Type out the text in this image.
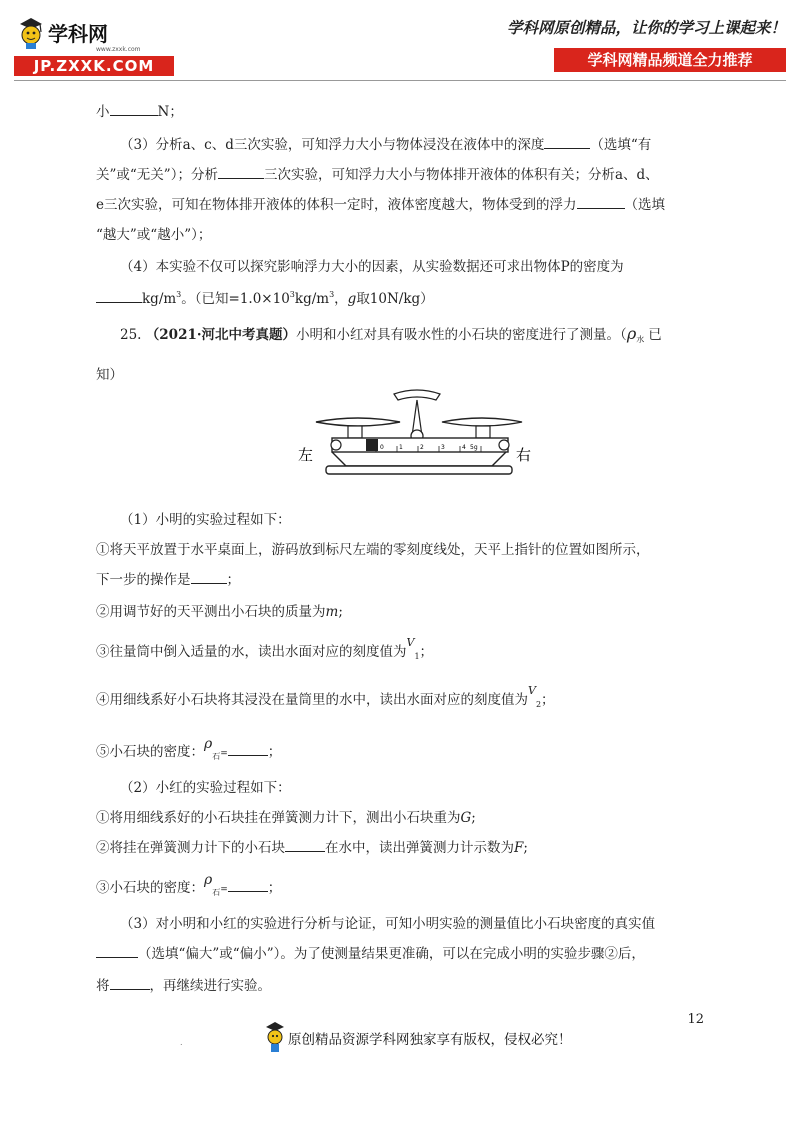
学科网
www.zxxk.com
JP.ZXXK.COM
学科网原创精品，让你的学习上课起来！
学科网精品频道全力推荐
小	N；
（3）分析a、c、d三次实验，可知浮力大小与物体浸没在液体中的深度	（选填“有
关”或“无关”）；分析	三次实验，可知浮力大小与物体排开液体的体积有关；分析a、d、
e三次实验，可知在物体排开液体的体积一定时，液体密度越大，物体受到的浮力	（选填
“越大”或“越小”）；
（4）本实验不仅可以探究影响浮力大小的因素，从实验数据还可求出物体P的密度为
$kg/m^3$。（已知$=1.0\times 10^3kg/m^3$，g取10N/kg）
25. （2021·河北中考真题）小明和小红对具有吸水性的小石块的密度进行了测量。（$\rho_水$ 已
知）
0	1	2	3	4 5g
左	右
（1）小明的实验过程如下：
①将天平放置于水平桌面上，游码放到标尺左端的零刻度线处，天平上指针的位置如图所示，
下一步的操作是	；
②用调节好的天平测出小石块的质量为m;
③往量筒中倒入适量的水，读出水面对应的刻度值为$^V_1$；
④用细线系好小石块将其浸没在量筒里的水中，读出水面对应的刻度值为$^V_2$；
⑤小石块的密度：$\rho_石=$	；
（2）小红的实验过程如下：
①将用细线系好的小石块挂在弹簧测力计下，测出小石块重为G;
②将挂在弹簧测力计下的小石块	在水中，读出弹簧测力计示数为F;
③小石块的密度：$\rho_石=$	；
（3）对小明和小红的实验进行分析与论证，可知小明实验的测量值比小石块密度的真实值
（选填“偏大”或“偏小”）。为了使测量结果更准确，可以在完成小明的实验步骤②后，
将	，再继续进行实验。
12
.	原创精品资源学科网独家享有版权，侵权必究！
